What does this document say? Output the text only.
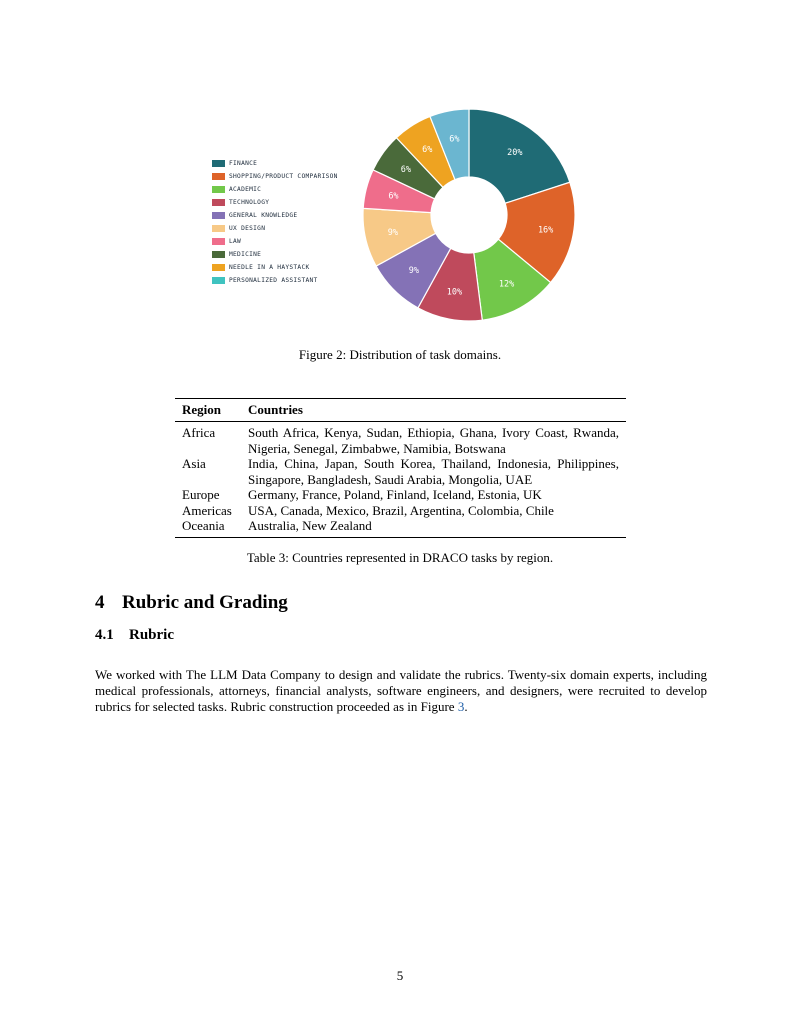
FINANCE
SHOPPING/PRODUCT COMPARISON
ACADEMIC
TECHNOLOGY
GENERAL KNOWLEDGE
UX DESIGN
LAW
MEDICINE
NEEDLE IN A HAYSTACK
PERSONALIZED ASSISTANT
20%
16%
12%
10%
9%
9%
6%
6%
6%
6%
Figure 2: Distribution of task domains.
Region	Countries
Africa	South Africa, Kenya, Sudan, Ethiopia, Ghana, Ivory Coast, Rwanda, Nigeria, Senegal, Zimbabwe, Namibia, Botswana
Asia	India, China, Japan, South Korea, Thailand, Indonesia, Philippines, Singapore, Bangladesh, Saudi Arabia, Mongolia, UAE
Europe	Germany, France, Poland, Finland, Iceland, Estonia, UK
Americas	USA, Canada, Mexico, Brazil, Argentina, Colombia, Chile
Oceania	Australia, New Zealand
Table 3: Countries represented in DRACO tasks by region.
4 Rubric and Grading
4.1 Rubric

We worked with The LLM Data Company to design and validate the rubrics. Twenty-six domain experts, including medical professionals, attorneys, financial analysts, software engineers, and designers, were recruited to develop rubrics for selected tasks. Rubric construction proceeded as in Figure 3.

5
